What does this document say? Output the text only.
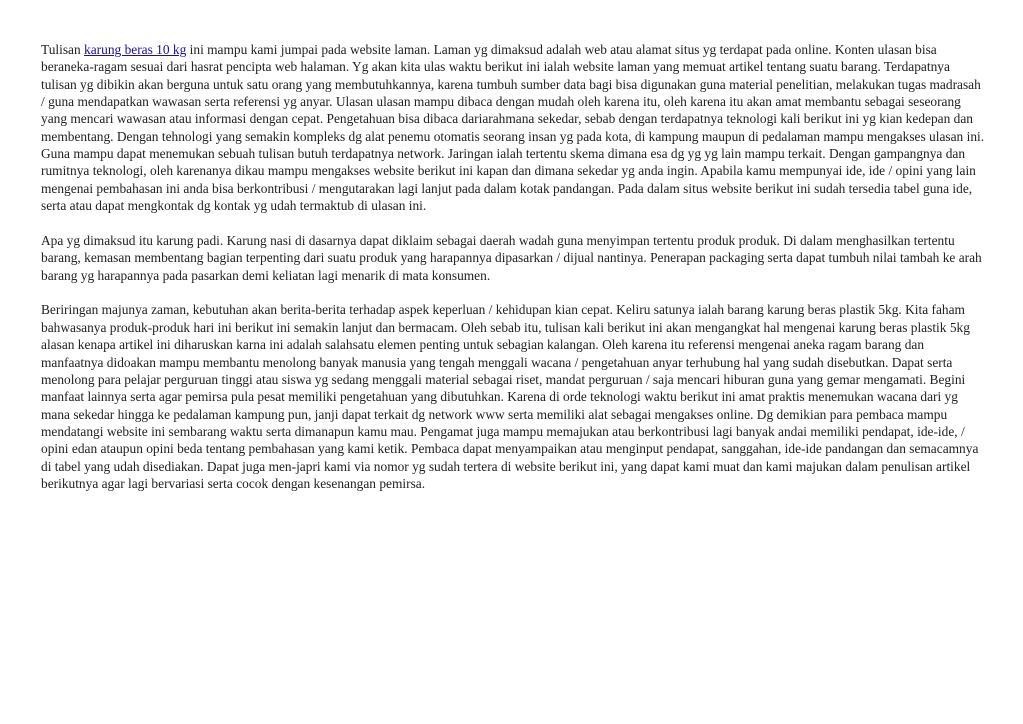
Tulisan karung beras 10 kg ini mampu kami jumpai pada website laman. Laman yg dimaksud adalah web atau alamat situs yg terdapat pada online. Konten ulasan bisa beraneka-ragam sesuai dari hasrat pencipta web halaman. Yg akan kita ulas waktu berikut ini ialah website laman yang memuat artikel tentang suatu barang. Terdapatnya tulisan yg dibikin akan berguna untuk satu orang yang membutuhkannya, karena tumbuh sumber data bagi bisa digunakan guna material penelitian, melakukan tugas madrasah / guna mendapatkan wawasan serta referensi yg anyar. Ulasan ulasan mampu dibaca dengan mudah oleh karena itu, oleh karena itu akan amat membantu sebagai seseorang yang mencari wawasan atau informasi dengan cepat. Pengetahuan bisa dibaca dariarahmana sekedar, sebab dengan terdapatnya teknologi kali berikut ini yg kian kedepan dan membentang. Dengan tehnologi yang semakin kompleks dg alat penemu otomatis seorang insan yg pada kota, di kampung maupun di pedalaman mampu mengakses ulasan ini. Guna mampu dapat menemukan sebuah tulisan butuh terdapatnya network. Jaringan ialah tertentu skema dimana esa dg yg yg lain mampu terkait. Dengan gampangnya dan rumitnya teknologi, oleh karenanya dikau mampu mengakses website berikut ini kapan dan dimana sekedar yg anda ingin. Apabila kamu mempunyai ide, ide / opini yang lain mengenai pembahasan ini anda bisa berkontribusi / mengutarakan lagi lanjut pada dalam kotak pandangan. Pada dalam situs website berikut ini sudah tersedia tabel guna ide, serta atau dapat mengkontak dg kontak yg udah termaktub di ulasan ini.

Apa yg dimaksud itu karung padi. Karung nasi di dasarnya dapat diklaim sebagai daerah wadah guna menyimpan tertentu produk produk. Di dalam menghasilkan tertentu barang, kemasan membentang bagian terpenting dari suatu produk yang harapannya dipasarkan / dijual nantinya. Penerapan packaging serta dapat tumbuh nilai tambah ke arah barang yg harapannya pada pasarkan demi keliatan lagi menarik di mata konsumen.

Beriringan majunya zaman, kebutuhan akan berita-berita terhadap aspek keperluan / kehidupan kian cepat. Keliru satunya ialah barang karung beras plastik 5kg. Kita faham bahwasanya produk-produk hari ini berikut ini semakin lanjut dan bermacam. Oleh sebab itu, tulisan kali berikut ini akan mengangkat hal mengenai karung beras plastik 5kg alasan kenapa artikel ini diharuskan karna ini adalah salahsatu elemen penting untuk sebagian kalangan. Oleh karena itu referensi mengenai aneka ragam barang dan manfaatnya didoakan mampu membantu menolong banyak manusia yang tengah menggali wacana / pengetahuan anyar terhubung hal yang sudah disebutkan. Dapat serta menolong para pelajar perguruan tinggi atau siswa yg sedang menggali material sebagai riset, mandat perguruan / saja mencari hiburan guna yang gemar mengamati. Begini manfaat lainnya serta agar pemirsa pula pesat memiliki pengetahuan yang dibutuhkan. Karena di orde teknologi waktu berikut ini amat praktis menemukan wacana dari yg mana sekedar hingga ke pedalaman kampung pun, janji dapat terkait dg network www serta memiliki alat sebagai mengakses online. Dg demikian para pembaca mampu mendatangi website ini sembarang waktu serta dimanapun kamu mau. Pengamat juga mampu memajukan atau berkontribusi lagi banyak andai memiliki pendapat, ide-ide, / opini edan ataupun opini beda tentang pembahasan yang kami ketik. Pembaca dapat menyampaikan atau menginput pendapat, sanggahan, ide-ide pandangan dan semacamnya di tabel yang udah disediakan. Dapat juga men-japri kami via nomor yg sudah tertera di website berikut ini, yang dapat kami muat dan kami majukan dalam penulisan artikel berikutnya agar lagi bervariasi serta cocok dengan kesenangan pemirsa.
